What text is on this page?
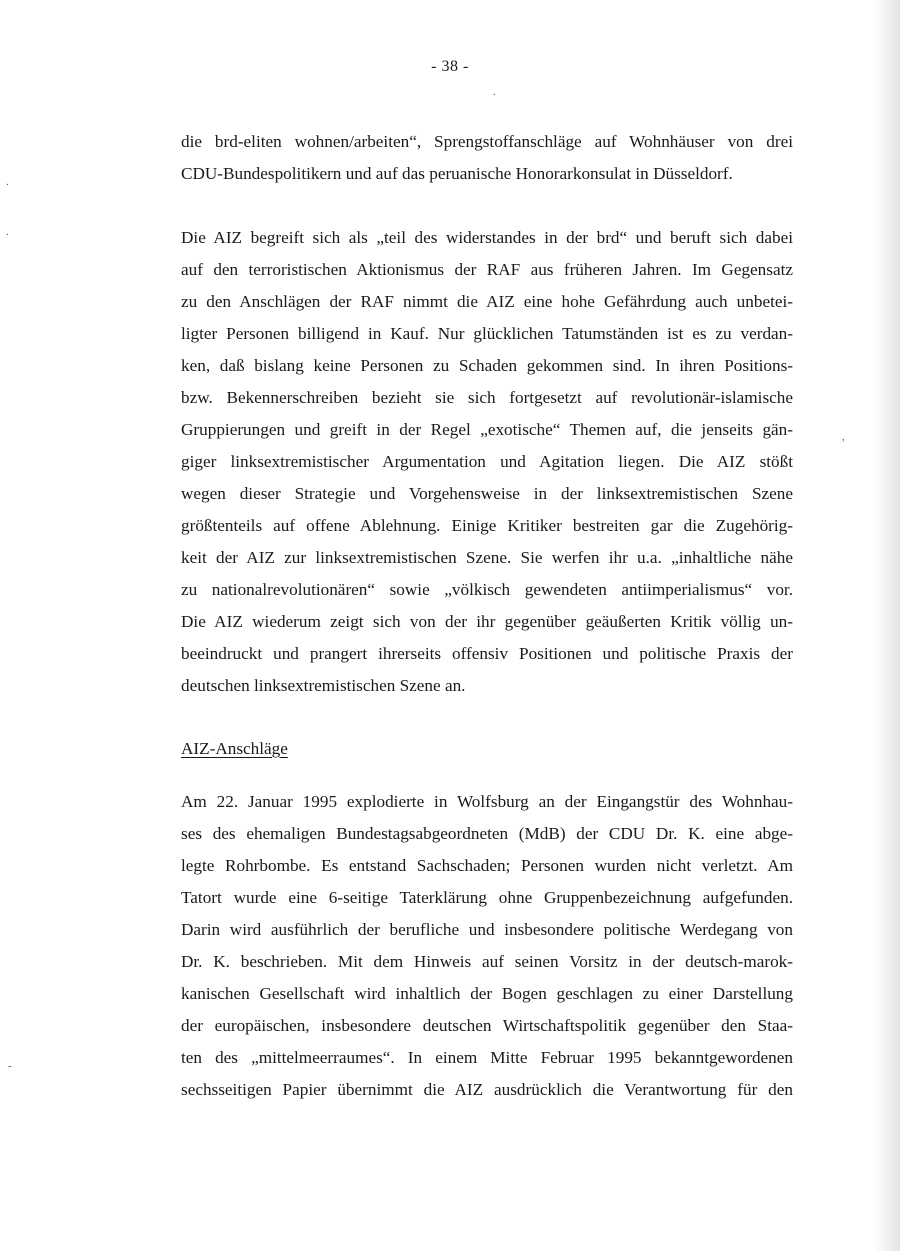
- 38 -
.
.
.
,
-
die brd-eliten wohnen/arbeiten“, Sprengstoffanschläge auf Wohnhäuser von drei
CDU-Bundespolitikern und auf das peruanische Honorarkonsulat in Düsseldorf.
Die AIZ begreift sich als „teil des widerstandes in der brd“ und beruft sich dabei
auf den terroristischen Aktionismus der RAF aus früheren Jahren. Im Gegensatz
zu den Anschlägen der RAF nimmt die AIZ eine hohe Gefährdung auch unbetei-
ligter Personen billigend in Kauf. Nur glücklichen Tatumständen ist es zu verdan-
ken, daß bislang keine Personen zu Schaden gekommen sind. In ihren Positions-
bzw. Bekennerschreiben bezieht sie sich fortgesetzt auf revolutionär-islamische
Gruppierungen und greift in der Regel „exotische“ Themen auf, die jenseits gän-
giger linksextremistischer Argumentation und Agitation liegen. Die AIZ stößt
wegen dieser Strategie und Vorgehensweise in der linksextremistischen Szene
größtenteils auf offene Ablehnung. Einige Kritiker bestreiten gar die Zugehörig-
keit der AIZ zur linksextremistischen Szene. Sie werfen ihr u.a. „inhaltliche nähe
zu nationalrevolutionären“ sowie „völkisch gewendeten antiimperialismus“ vor.
Die AIZ wiederum zeigt sich von der ihr gegenüber geäußerten Kritik völlig un-
beeindruckt und prangert ihrerseits offensiv Positionen und politische Praxis der
deutschen linksextremistischen Szene an.
AIZ-Anschläge
Am 22. Januar 1995 explodierte in Wolfsburg an der Eingangstür des Wohnhau-
ses des ehemaligen Bundestagsabgeordneten (MdB) der CDU Dr. K. eine abge-
legte Rohrbombe. Es entstand Sachschaden; Personen wurden nicht verletzt. Am
Tatort wurde eine 6-seitige Taterklärung ohne Gruppenbezeichnung aufgefunden.
Darin wird ausführlich der berufliche und insbesondere politische Werdegang von
Dr. K. beschrieben. Mit dem Hinweis auf seinen Vorsitz in der deutsch-marok-
kanischen Gesellschaft wird inhaltlich der Bogen geschlagen zu einer Darstellung
der europäischen, insbesondere deutschen Wirtschaftspolitik gegenüber den Staa-
ten des „mittelmeerraumes“. In einem Mitte Februar 1995 bekanntgewordenen
sechsseitigen Papier übernimmt die AIZ ausdrücklich die Verantwortung für den
